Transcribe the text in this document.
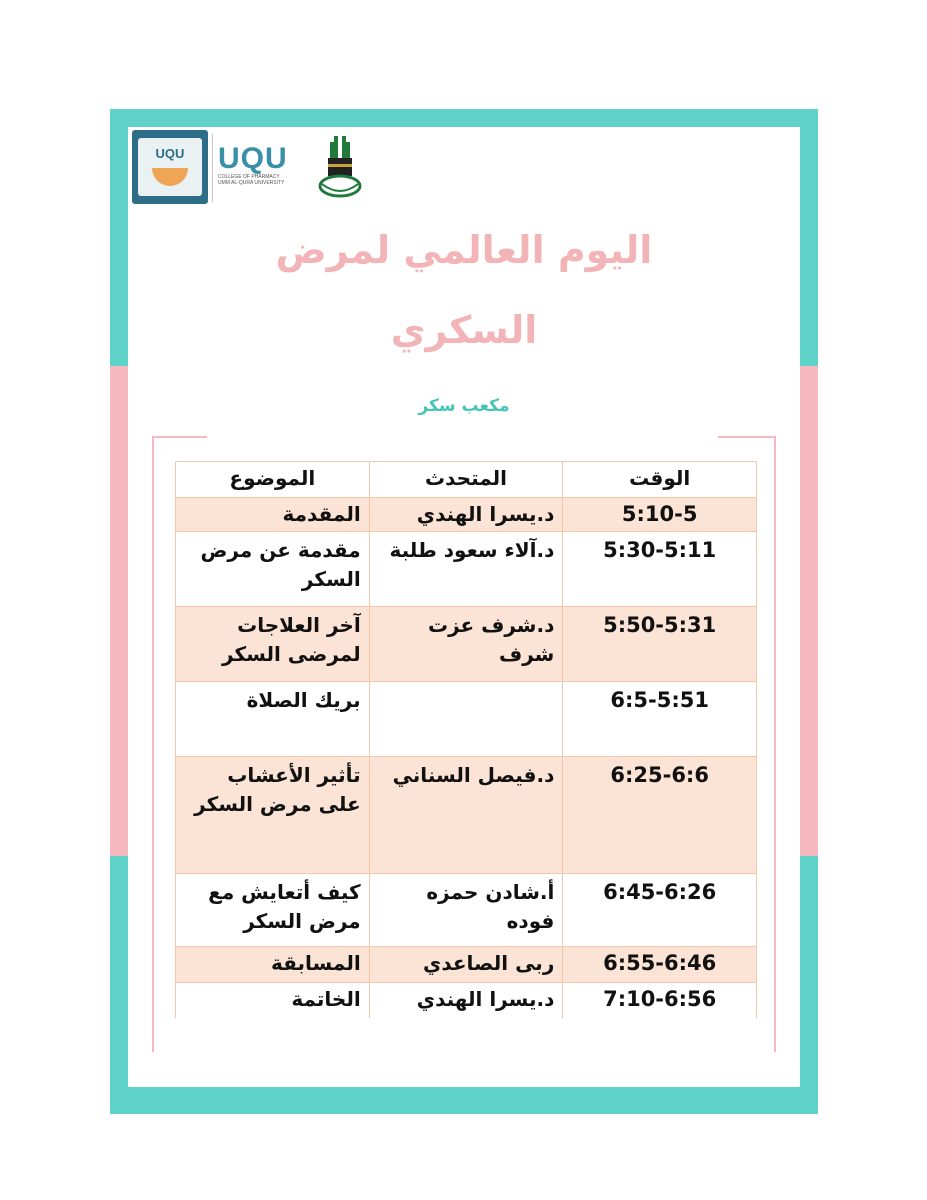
UQU	UQU
COLLEGE OF PHARMACY UMM AL-QURA UNIVERSITY
اليوم العالمي لمرض
السكري
مكعب سكر
الوقت	المتحدث	الموضوع
5:10-5	د.يسرا الهندي	المقدمة
5:30-5:11	د.آلاء سعود طلبة	مقدمة عن مرض السكر
5:50-5:31	د.شرف عزت شرف	آخر العلاجات لمرضى السكر
6:5-5:51		بريك الصلاة
6:25-6:6	د.فيصل السناني	تأثير الأعشاب على مرض السكر
6:45-6:26	أ.شادن حمزه فوده	كيف أتعايش مع مرض السكر
6:55-6:46	ربى الصاعدي	المسابقة
7:10-6:56	د.يسرا الهندي	الخاتمة
